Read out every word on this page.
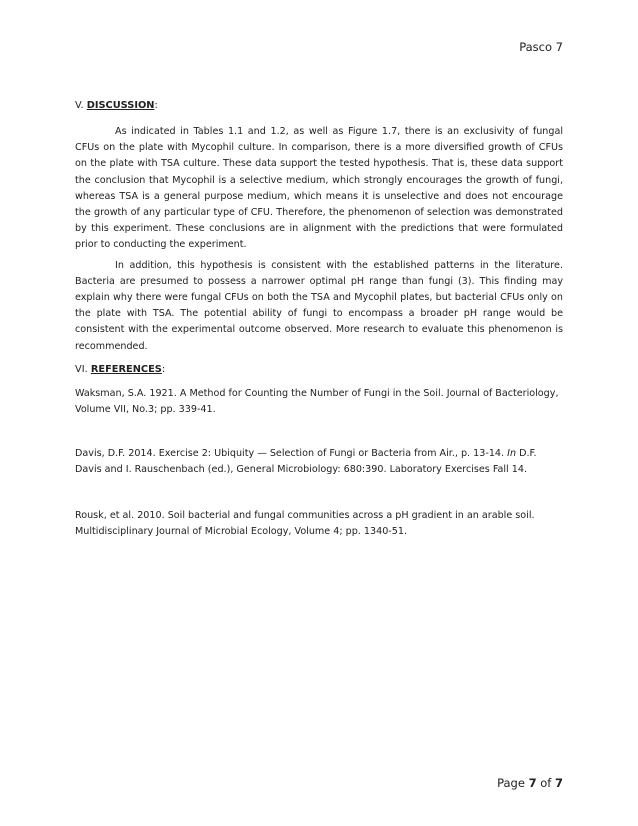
Pasco 7

V. DISCUSSION:

As indicated in Tables 1.1 and 1.2, as well as Figure 1.7, there is an exclusivity of fungal CFUs on the plate with Mycophil culture. In comparison, there is a more diversified growth of CFUs on the plate with TSA culture. These data support the tested hypothesis. That is, these data support the conclusion that Mycophil is a selective medium, which strongly encourages the growth of fungi, whereas TSA is a general purpose medium, which means it is unselective and does not encourage the growth of any particular type of CFU. Therefore, the phenomenon of selection was demonstrated by this experiment. These conclusions are in alignment with the predictions that were formulated prior to conducting the experiment.

In addition, this hypothesis is consistent with the established patterns in the literature. Bacteria are presumed to possess a narrower optimal pH range than fungi (3). This finding may explain why there were fungal CFUs on both the TSA and Mycophil plates, but bacterial CFUs only on the plate with TSA. The potential ability of fungi to encompass a broader pH range would be consistent with the experimental outcome observed. More research to evaluate this phenomenon is recommended.

VI. REFERENCES:

Waksman, S.A. 1921. A Method for Counting the Number of Fungi in the Soil. Journal of Bacteriology, Volume VII, No.3; pp. 339-41.

Davis, D.F. 2014. Exercise 2: Ubiquity — Selection of Fungi or Bacteria from Air., p. 13-14. In D.F. Davis and I. Rauschenbach (ed.), General Microbiology: 680:390. Laboratory Exercises Fall 14.

Rousk, et al. 2010. Soil bacterial and fungal communities across a pH gradient in an arable soil. Multidisciplinary Journal of Microbial Ecology, Volume 4; pp. 1340-51.

Page 7 of 7
